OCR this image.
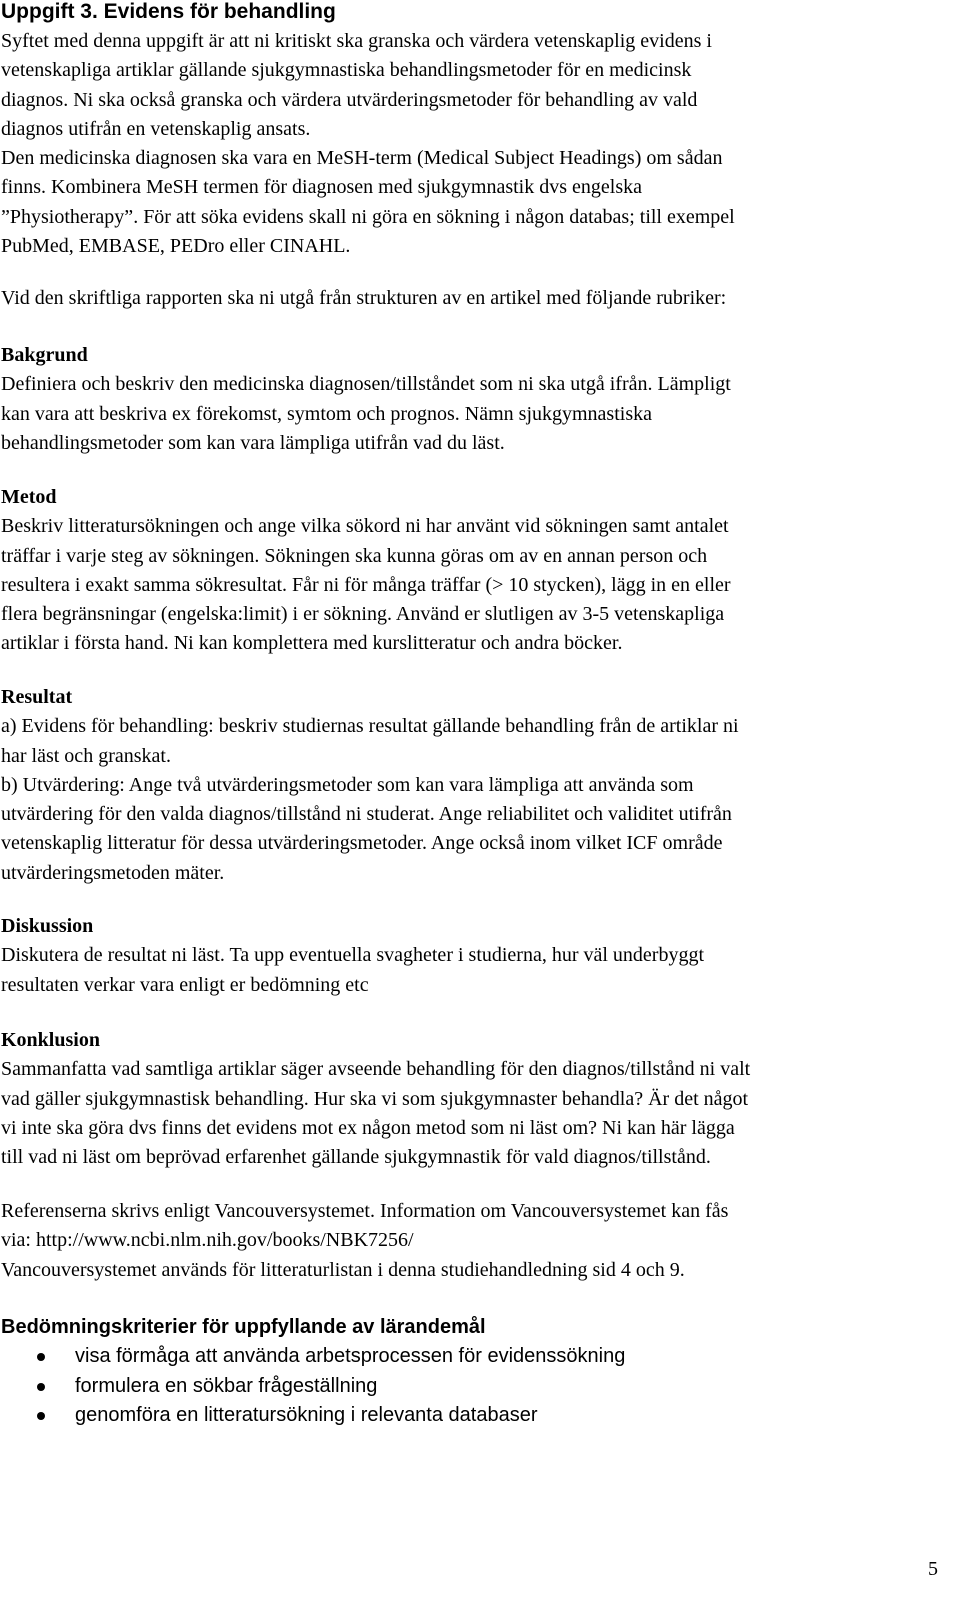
Uppgift 3. Evidens för behandling
Syftet med denna uppgift är att ni kritiskt ska granska och värdera vetenskaplig evidens i
vetenskapliga artiklar gällande sjukgymnastiska behandlingsmetoder för en medicinsk
diagnos. Ni ska också granska och värdera utvärderingsmetoder för behandling av vald
diagnos utifrån en vetenskaplig ansats.
Den medicinska diagnosen ska vara en MeSH-term (Medical Subject Headings) om sådan
finns. Kombinera MeSH termen för diagnosen med sjukgymnastik dvs engelska
”Physiotherapy”. För att söka evidens skall ni göra en sökning i någon databas; till exempel
PubMed, EMBASE, PEDro eller CINAHL.
Vid den skriftliga rapporten ska ni utgå från strukturen av en artikel med följande rubriker:
Bakgrund
Definiera och beskriv den medicinska diagnosen/tillståndet som ni ska utgå ifrån. Lämpligt
kan vara att beskriva ex förekomst, symtom och prognos. Nämn sjukgymnastiska
behandlingsmetoder som kan vara lämpliga utifrån vad du läst.
Metod
Beskriv litteratursökningen och ange vilka sökord ni har använt vid sökningen samt antalet
träffar i varje steg av sökningen. Sökningen ska kunna göras om av en annan person och
resultera i exakt samma sökresultat. Får ni för många träffar (> 10 stycken), lägg in en eller
flera begränsningar (engelska:limit) i er sökning. Använd er slutligen av 3-5 vetenskapliga
artiklar i första hand. Ni kan komplettera med kurslitteratur och andra böcker.
Resultat
a) Evidens för behandling: beskriv studiernas resultat gällande behandling från de artiklar ni
har läst och granskat.
b) Utvärdering: Ange två utvärderingsmetoder som kan vara lämpliga att använda som
utvärdering för den valda diagnos/tillstånd ni studerat. Ange reliabilitet och validitet utifrån
vetenskaplig litteratur för dessa utvärderingsmetoder. Ange också inom vilket ICF område
utvärderingsmetoden mäter.
Diskussion
Diskutera de resultat ni läst. Ta upp eventuella svagheter i studierna, hur väl underbyggt
resultaten verkar vara enligt er bedömning etc
Konklusion
Sammanfatta vad samtliga artiklar säger avseende behandling för den diagnos/tillstånd ni valt
vad gäller sjukgymnastisk behandling. Hur ska vi som sjukgymnaster behandla? Är det något
vi inte ska göra dvs finns det evidens mot ex någon metod som ni läst om? Ni kan här lägga
till vad ni läst om beprövad erfarenhet gällande sjukgymnastik för vald diagnos/tillstånd.
Referenserna skrivs enligt Vancouversystemet. Information om Vancouversystemet kan fås
via: http://www.ncbi.nlm.nih.gov/books/NBK7256/
Vancouversystemet används för litteraturlistan i denna studiehandledning sid 4 och 9.
Bedömningskriterier för uppfyllande av lärandemål
visa förmåga att använda arbetsprocessen för evidenssökning
formulera en sökbar frågeställning
genomföra en litteratursökning i relevanta databaser
5
